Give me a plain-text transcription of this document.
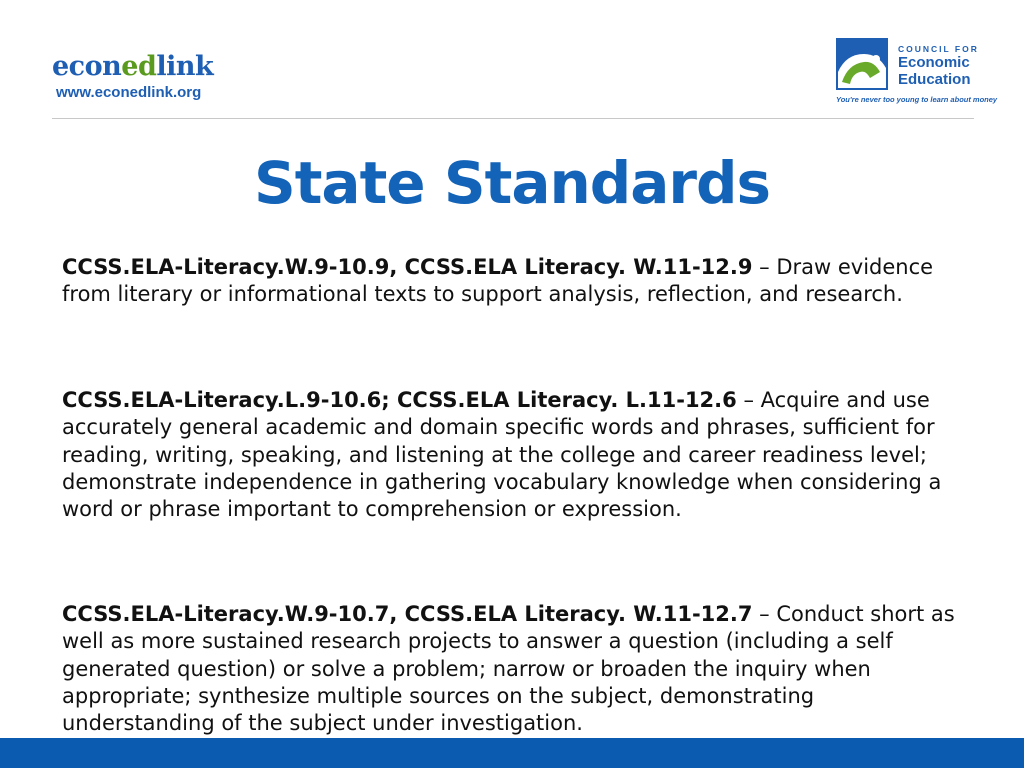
econedlink
www.econedlink.org
COUNCIL FOR
Economic
Education
You're never too young to learn about money
State Standards
CCSS.ELA-Literacy.W.9-10.9, CCSS.ELA Literacy. W.11-12.9 – Draw evidence from literary or informational texts to support analysis, reflection, and research.
CCSS.ELA-Literacy.L.9-10.6; CCSS.ELA Literacy. L.11-12.6 – Acquire and use accurately general academic and domain specific words and phrases, sufficient for reading, writing, speaking, and listening at the college and career readiness level; demonstrate independence in gathering vocabulary knowledge when considering a word or phrase important to comprehension or expression.
CCSS.ELA-Literacy.W.9-10.7, CCSS.ELA Literacy. W.11-12.7 – Conduct short as well as more sustained research projects to answer a question (including a self generated question) or solve a problem; narrow or broaden the inquiry when appropriate; synthesize multiple sources on the subject, demonstrating understanding of the subject under investigation.
